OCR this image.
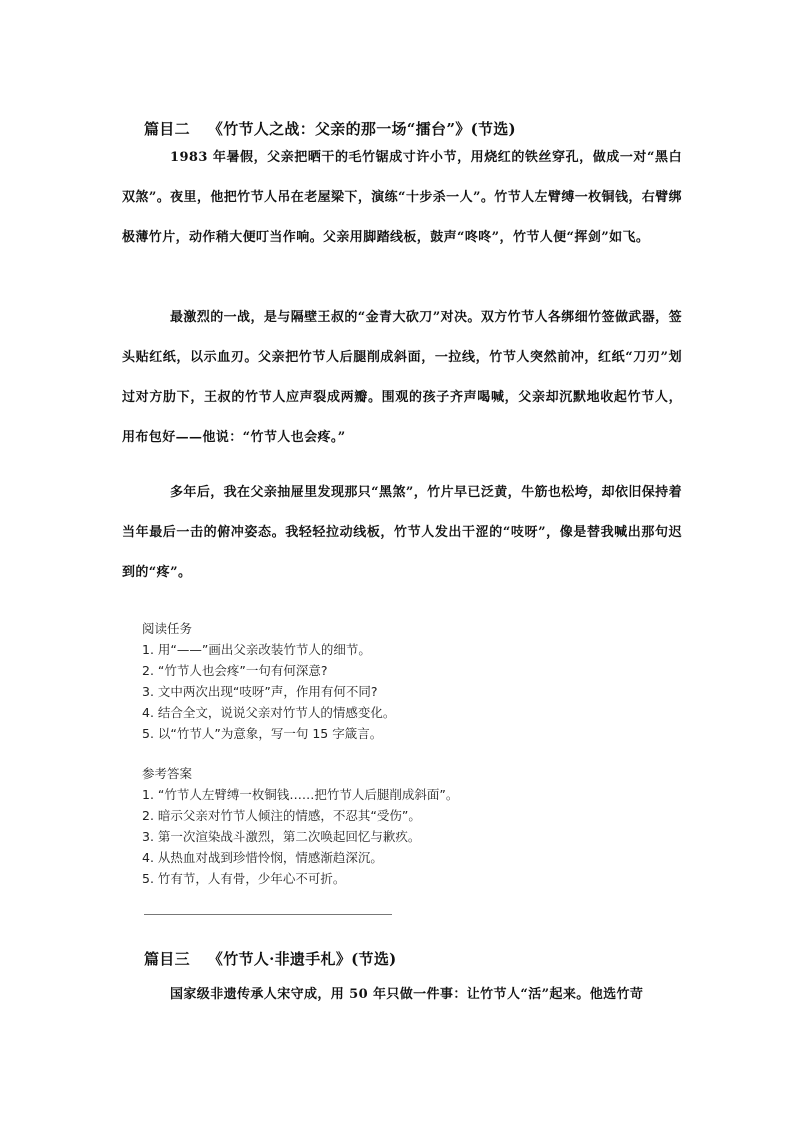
篇目二 《竹节人之战：父亲的那一场“擂台”》(节选)
1983 年暑假，父亲把晒干的毛竹锯成寸许小节，用烧红的铁丝穿孔，做成一对“黑白双煞”。夜里，他把竹节人吊在老屋梁下，演练“十步杀一人”。竹节人左臂缚一枚铜钱，右臂绑极薄竹片，动作稍大便叮当作响。父亲用脚踏线板，鼓声“咚咚”，竹节人便“挥剑”如飞。
最激烈的一战，是与隔壁王叔的“金青大砍刀”对决。双方竹节人各绑细竹签做武器，签头贴红纸，以示血刃。父亲把竹节人后腿削成斜面，一拉线，竹节人突然前冲，红纸“刀刃”划过对方肋下，王叔的竹节人应声裂成两瓣。围观的孩子齐声喝喊，父亲却沉默地收起竹节人，用布包好——他说：“竹节人也会疼。”
多年后，我在父亲抽屉里发现那只“黑煞”，竹片早已泛黄，牛筋也松垮，却依旧保持着当年最后一击的俯冲姿态。我轻轻拉动线板，竹节人发出干涩的“吱呀”，像是替我喊出那句迟到的“疼”。
阅读任务
1. 用“——”画出父亲改装竹节人的细节。
2. “竹节人也会疼”一句有何深意?
3. 文中两次出现“吱呀”声，作用有何不同?
4. 结合全文，说说父亲对竹节人的情感变化。
5. 以“竹节人”为意象，写一句 15 字箴言。
参考答案
1. “竹节人左臂缚一枚铜钱……把竹节人后腿削成斜面”。
2. 暗示父亲对竹节人倾注的情感，不忍其“受伤”。
3. 第一次渲染战斗激烈，第二次唤起回忆与歉疚。
4. 从热血对战到珍惜怜悯，情感渐趋深沉。
5. 竹有节，人有骨，少年心不可折。
篇目三 《竹节人·非遗手札》(节选)
国家级非遗传承人宋守成，用 50 年只做一件事：让竹节人“活”起来。他选竹苛
